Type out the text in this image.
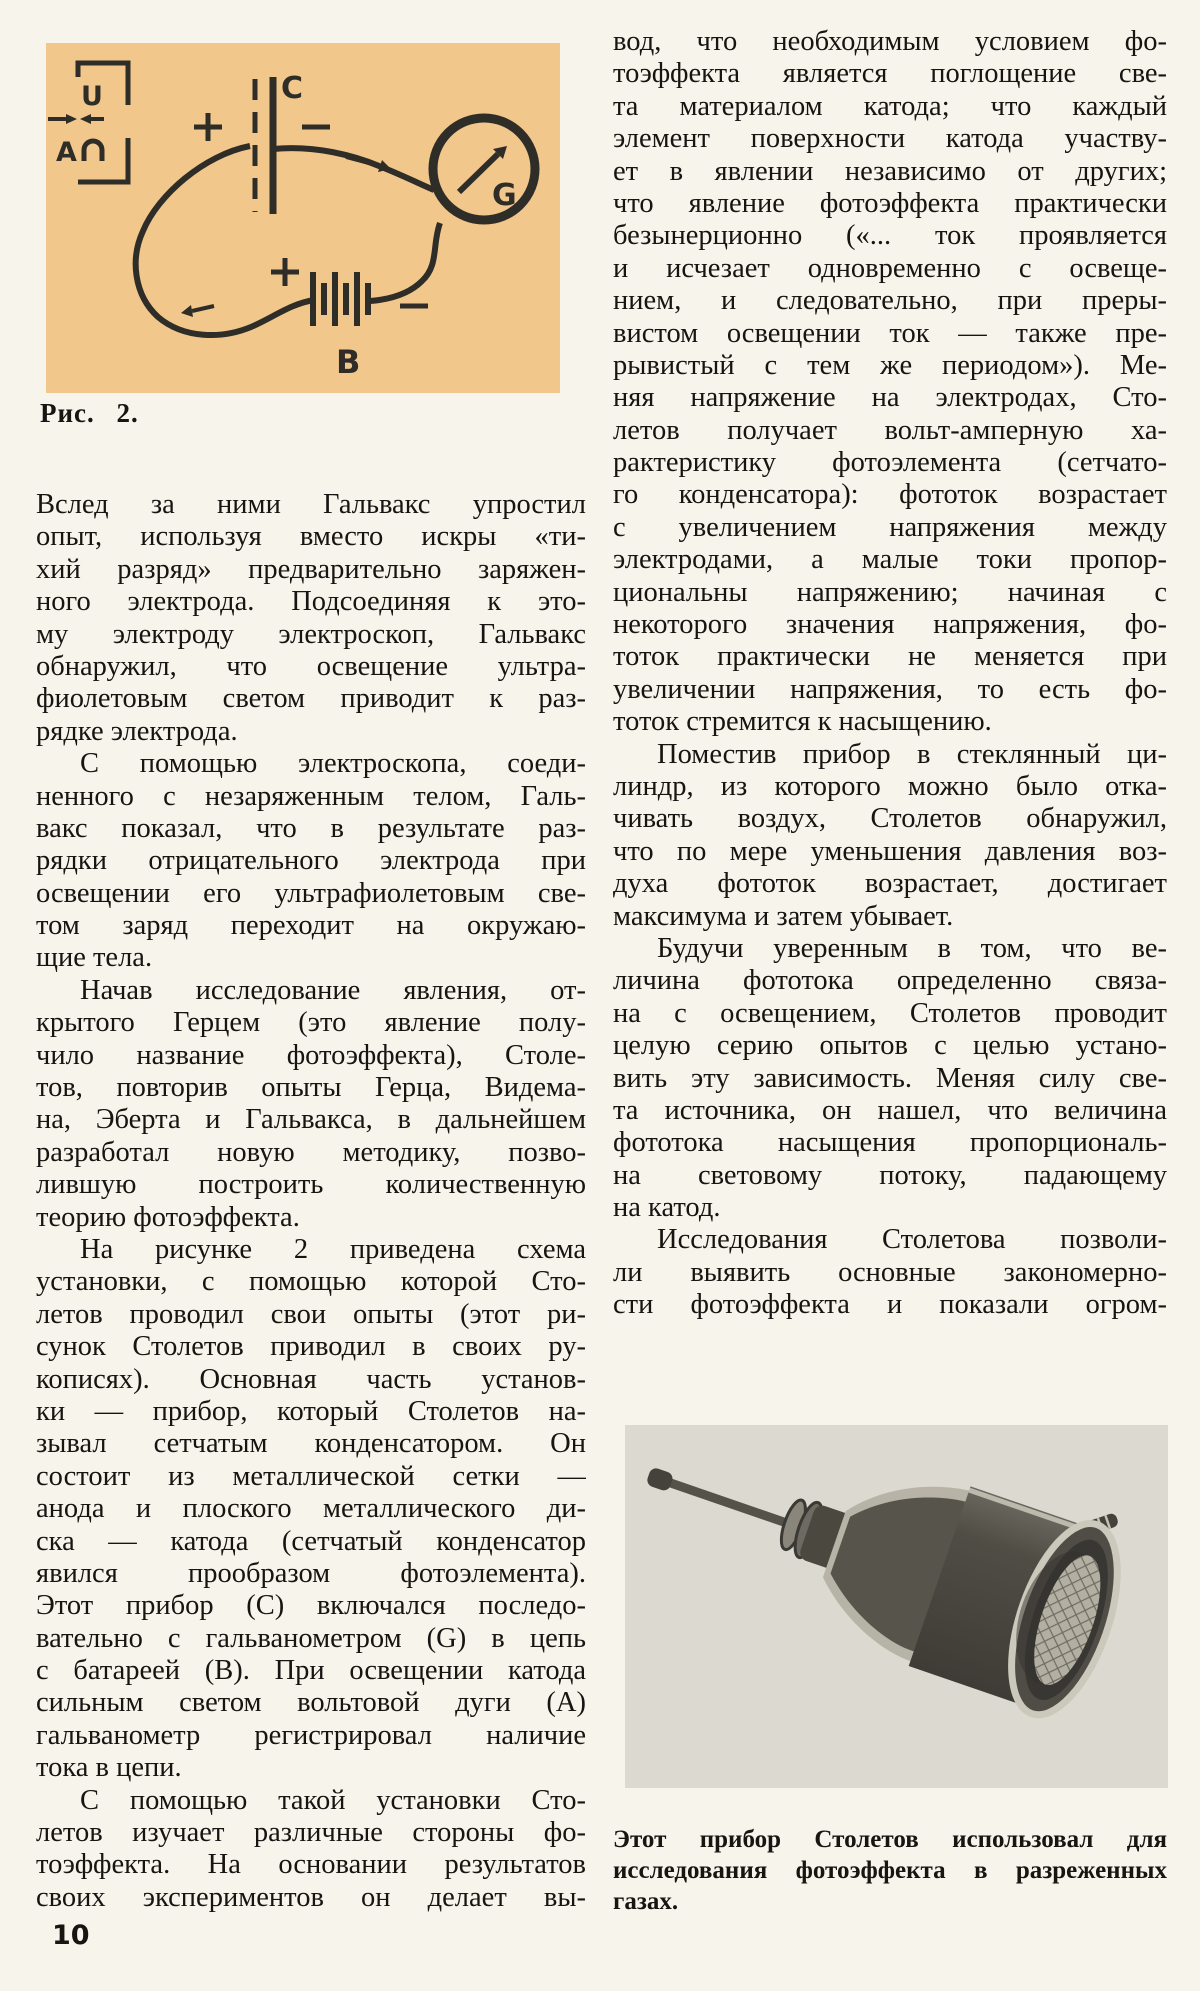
U
A
C
B
G
Рис. 2.
Вслед за ними Гальвакс упростил
опыт, используя вместо искры «ти-
хий разряд» предварительно заряжен-
ного электрода. Подсоединяя к это-
му электроду электроскоп, Гальвакс
обнаружил, что освещение ультра-
фиолетовым светом приводит к раз-
рядке электрода.
С помощью электроскопа, соеди-
ненного с незаряженным телом, Галь-
вакс показал, что в результате раз-
рядки отрицательного электрода при
освещении его ультрафиолетовым све-
том заряд переходит на окружаю-
щие тела.
Начав исследование явления, от-
крытого Герцем (это явление полу-
чило название фотоэффекта), Столе-
тов, повторив опыты Герца, Видема-
на, Эберта и Гальвакса, в дальнейшем
разработал новую методику, позво-
лившую построить количественную
теорию фотоэффекта.
На рисунке 2 приведена схема
установки, с помощью которой Сто-
летов проводил свои опыты (этот ри-
сунок Столетов приводил в своих ру-
кописях). Основная часть установ-
ки — прибор, который Столетов на-
зывал сетчатым конденсатором. Он
состоит из металлической сетки —
анода и плоского металлического ди-
ска — катода (сетчатый конденсатор
явился прообразом фотоэлемента).
Этот прибор (C) включался последо-
вательно с гальванометром (G) в цепь
с батареей (B). При освещении катода
сильным светом вольтовой дуги (A)
гальванометр регистрировал наличие
тока в цепи.
С помощью такой установки Сто-
летов изучает различные стороны фо-
тоэффекта. На основании результатов
своих экспериментов он делает вы-
вод, что необходимым условием фо-
тоэффекта является поглощение све-
та материалом катода; что каждый
элемент поверхности катода участву-
ет в явлении независимо от других;
что явление фотоэффекта практически
безынерционно («... ток проявляется
и исчезает одновременно с освеще-
нием, и следовательно, при преры-
вистом освещении ток — также пре-
рывистый с тем же периодом»). Ме-
няя напряжение на электродах, Сто-
летов получает вольт-амперную ха-
рактеристику фотоэлемента (сетчато-
го конденсатора): фототок возрастает
с увеличением напряжения между
электродами, а малые токи пропор-
циональны напряжению; начиная с
некоторого значения напряжения, фо-
тоток практически не меняется при
увеличении напряжения, то есть фо-
тоток стремится к насыщению.
Поместив прибор в стеклянный ци-
линдр, из которого можно было отка-
чивать воздух, Столетов обнаружил,
что по мере уменьшения давления воз-
духа фототок возрастает, достигает
максимума и затем убывает.
Будучи уверенным в том, что ве-
личина фототока определенно связа-
на с освещением, Столетов проводит
целую серию опытов с целью устано-
вить эту зависимость. Меняя силу све-
та источника, он нашел, что величина
фототока насыщения пропорциональ-
на световому потоку, падающему
на катод.
Исследования Столетова позволи-
ли выявить основные закономерно-
сти фотоэффекта и показали огром-
Этот прибор Столетов использовал для
исследования фотоэффекта в разреженных
газах.
10
